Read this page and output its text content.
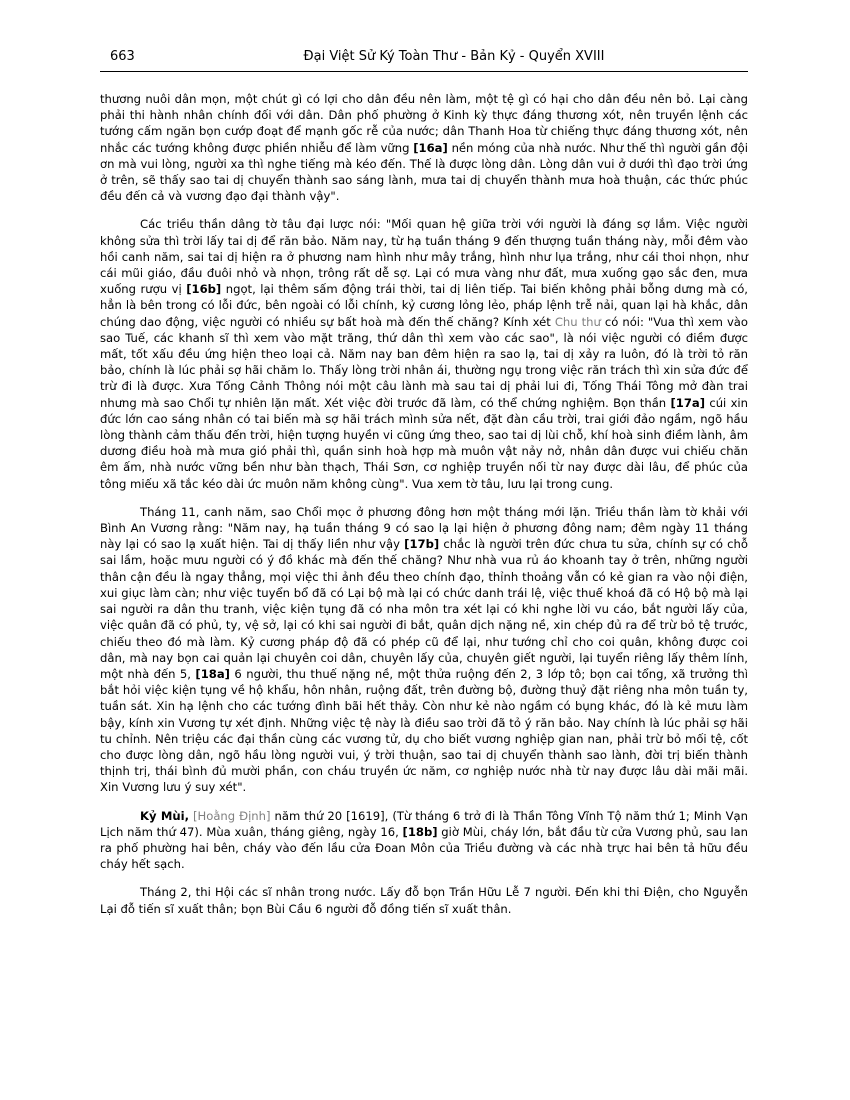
663	Đại Việt Sử Ký Toàn Thư - Bản Kỷ - Quyển XVIII

thương nuôi dân mọn, một chút gì có lợi cho dân đều nên làm, một tệ gì có hại cho dân đều nên bỏ. Lại càng phải thi hành nhân chính đối với dân. Dân phố phường ở Kinh kỳ thực đáng thương xót, nên truyền lệnh các tướng cấm ngăn bọn cướp đoạt để mạnh gốc rễ của nước; dân Thanh Hoa từ chiếng thực đáng thương xót, nên nhắc các tướng không được phiền nhiễu để làm vững [16a] nền móng của nhà nước. Như thế thì người gần đội ơn mà vui lòng, người xa thì nghe tiếng mà kéo đến. Thế là được lòng dân. Lòng dân vui ở dưới thì đạo trời ứng ở trên, sẽ thấy sao tai dị chuyển thành sao sáng lành, mưa tai dị chuyển thành mưa hoà thuận, các thức phúc đều đến cả và vương đạo đại thành vậy".

Các triều thần dâng tờ tâu đại lược nói: "Mối quan hệ giữa trời với người là đáng sợ lắm. Việc người không sửa thì trời lấy tai dị để răn bảo. Năm nay, từ hạ tuần tháng 9 đến thượng tuần tháng này, mỗi đêm vào hồi canh năm, sai tai dị hiện ra ở phương nam hình như mây trắng, hình như lụa trắng, như cái thoi nhọn, như cái mũi giáo, đầu đuôi nhỏ và nhọn, trông rất dễ sợ. Lại có mưa vàng như đất, mưa xuống gạo sắc đen, mưa xuống rượu vị [16b] ngọt, lại thêm sấm động trái thời, tai dị liên tiếp. Tai biến không phải bỗng dưng mà có, hẳn là bên trong có lỗi đức, bên ngoài có lỗi chính, kỷ cương lỏng lẻo, pháp lệnh trễ nải, quan lại hà khắc, dân chúng dao động, việc người có nhiều sự bất hoà mà đến thế chăng? Kính xét Chu thư có nói: "Vua thì xem vào sao Tuế, các khanh sĩ thì xem vào mặt trăng, thứ dân thì xem vào các sao", là nói việc người có điềm được mất, tốt xấu đều ứng hiện theo loại cả. Năm nay ban đêm hiện ra sao lạ, tai dị xảy ra luôn, đó là trời tỏ răn bảo, chính là lúc phải sợ hãi chăm lo. Thấy lòng trời nhân ái, thường ngụ trong việc răn trách thì xin sửa đức để trừ đi là được. Xưa Tống Cảnh Thông nói một câu lành mà sau tai dị phải lui đi, Tống Thái Tông mở đàn trai nhưng mà sao Chổi tự nhiên lặn mất. Xét việc đời trước đã làm, có thể chứng nghiệm. Bọn thần [17a] cúi xin đức lớn cao sáng nhân có tai biến mà sợ hãi trách mình sửa nết, đặt đàn cầu trời, trai giới đảo ngầm, ngõ hầu lòng thành cảm thấu đến trời, hiện tượng huyền vi cũng ứng theo, sao tai dị lùi chỗ, khí hoà sinh điềm lành, âm dương điều hoà mà mưa gió phải thì, quần sinh hoà hợp mà muôn vật nảy nở, nhân dân được vui chiếu chăn êm ấm, nhà nước vững bền như bàn thạch, Thái Sơn, cơ nghiệp truyền nối từ nay được dài lâu, để phúc của tông miếu xã tắc kéo dài ức muôn năm không cùng". Vua xem tờ tâu, lưu lại trong cung.

Tháng 11, canh năm, sao Chổi mọc ở phương đông hơn một tháng mới lặn. Triều thần làm tờ khải với Bình An Vương rằng: "Năm nay, hạ tuần tháng 9 có sao lạ lại hiện ở phương đông nam; đêm ngày 11 tháng này lại có sao lạ xuất hiện. Tai dị thấy liền như vậy [17b] chắc là người trên đức chưa tu sửa, chính sự có chỗ sai lầm, hoặc mưu người có ý đồ khác mà đến thế chăng? Như nhà vua rủ áo khoanh tay ở trên, những người thân cận đều là ngay thẳng, mọi việc thi ảnh đều theo chính đạo, thỉnh thoảng vẫn có kẻ gian ra vào nội điện, xui giục làm càn; như việc tuyển bổ đã có Lại bộ mà lại có chức danh trái lệ, việc thuế khoá đã có Hộ bộ mà lại sai người ra dân thu tranh, việc kiện tụng đã có nha môn tra xét lại có khi nghe lời vu cáo, bắt người lấy của, việc quân đã có phủ, ty, vệ sở, lại có khi sai người đi bắt, quân dịch nặng nề, xin chép đủ ra để trừ bỏ tệ trước, chiếu theo đó mà làm. Kỷ cương pháp độ đã có phép cũ để lại, như tướng chỉ cho coi quân, không được coi dân, mà nay bọn cai quản lại chuyên coi dân, chuyên lấy của, chuyên giết người, lại tuyển riêng lấy thêm lính, một nhà đến 5, [18a] 6 người, thu thuế nặng nề, một thửa ruộng đến 2, 3 lớp tô; bọn cai tổng, xã trưởng thì bắt hỏi việc kiện tụng về hộ khẩu, hôn nhân, ruộng đất, trên đường bộ, đường thuỷ đặt riêng nha môn tuần ty, tuần sát. Xin hạ lệnh cho các tướng đình bãi hết thảy. Còn như kẻ nào ngầm có bụng khác, đó là kẻ mưu làm bậy, kính xin Vương tự xét định. Những việc tệ này là điều sao trời đã tỏ ý răn bảo. Nay chính là lúc phải sợ hãi tu chỉnh. Nên triệu các đại thần cùng các vương tử, dụ cho biết vương nghiệp gian nan, phải trừ bỏ mối tệ, cốt cho được lòng dân, ngõ hầu lòng người vui, ý trời thuận, sao tai dị chuyển thành sao lành, đời trị biến thành thịnh trị, thái bình đủ mười phần, con cháu truyền ức năm, cơ nghiệp nước nhà từ nay được lâu dài mãi mãi. Xin Vương lưu ý suy xét".

Kỷ Mùi, [Hoằng Định] năm thứ 20 [1619], (Từ tháng 6 trở đi là Thần Tông Vĩnh Tộ năm thứ 1; Minh Vạn Lịch năm thứ 47). Mùa xuân, tháng giêng, ngày 16, [18b] giờ Mùi, cháy lớn, bắt đầu từ cửa Vương phủ, sau lan ra phố phường hai bên, cháy vào đến lầu cửa Đoan Môn của Triều đường và các nhà trực hai bên tả hữu đều cháy hết sạch.

Tháng 2, thi Hội các sĩ nhân trong nước. Lấy đỗ bọn Trần Hữu Lễ 7 người. Đến khi thi Điện, cho Nguyễn Lại đỗ tiến sĩ xuất thân; bọn Bùi Cầu 6 người đỗ đồng tiến sĩ xuất thân.
